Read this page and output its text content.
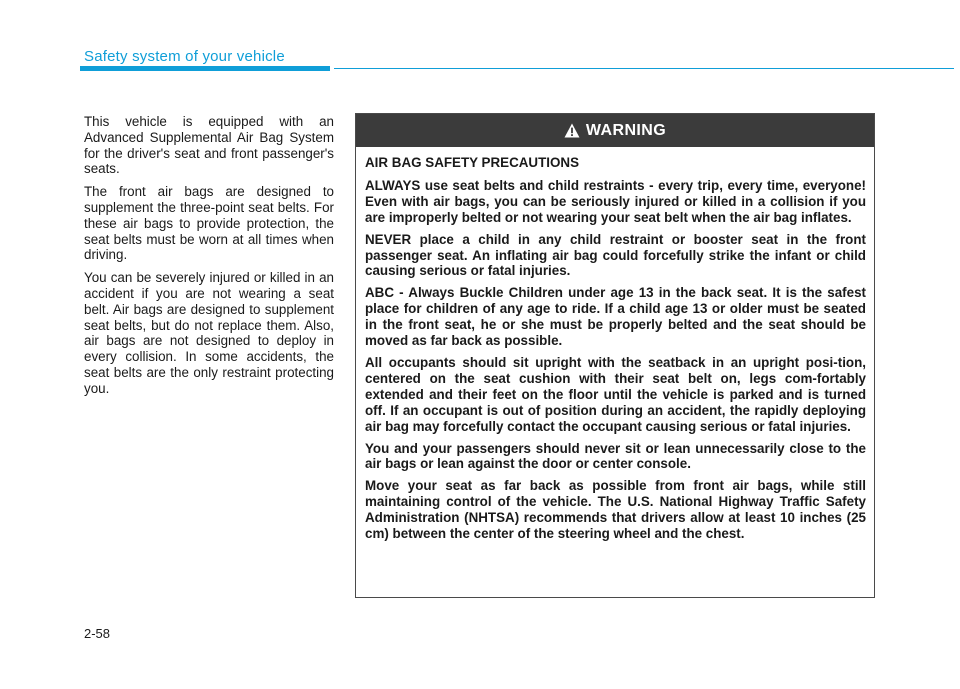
Safety system of your vehicle

This vehicle is equipped with an Advanced Supplemental Air Bag System for the driver's seat and front passenger's seats.

The front air bags are designed to supplement the three-point seat belts. For these air bags to provide protection, the seat belts must be worn at all times when driving.

You can be severely injured or killed in an accident if you are not wearing a seat belt. Air bags are designed to supplement seat belts, but do not replace them. Also, air bags are not designed to deploy in every collision. In some accidents, the seat belts are the only restraint protecting you.

WARNING
AIR BAG SAFETY PRECAUTIONS

ALWAYS use seat belts and child restraints - every trip, every time, everyone! Even with air bags, you can be seriously injured or killed in a collision if you are improperly belted or not wearing your seat belt when the air bag inflates.

NEVER place a child in any child restraint or booster seat in the front passenger seat. An inflating air bag could forcefully strike the infant or child causing serious or fatal injuries.

ABC - Always Buckle Children under age 13 in the back seat. It is the safest place for children of any age to ride. If a child age 13 or older must be seated in the front seat, he or she must be properly belted and the seat should be moved as far back as possible.

All occupants should sit upright with the seatback in an upright posi-tion, centered on the seat cushion with their seat belt on, legs com-fortably extended and their feet on the floor until the vehicle is parked and is turned off. If an occupant is out of position during an accident, the rapidly deploying air bag may forcefully contact the occupant causing serious or fatal injuries.

You and your passengers should never sit or lean unnecessarily close to the air bags or lean against the door or center console.

Move your seat as far back as possible from front air bags, while still maintaining control of the vehicle. The U.S. National Highway Traffic Safety Administration (NHTSA) recommends that drivers allow at least 10 inches (25 cm) between the center of the steering wheel and the chest.

2-58
